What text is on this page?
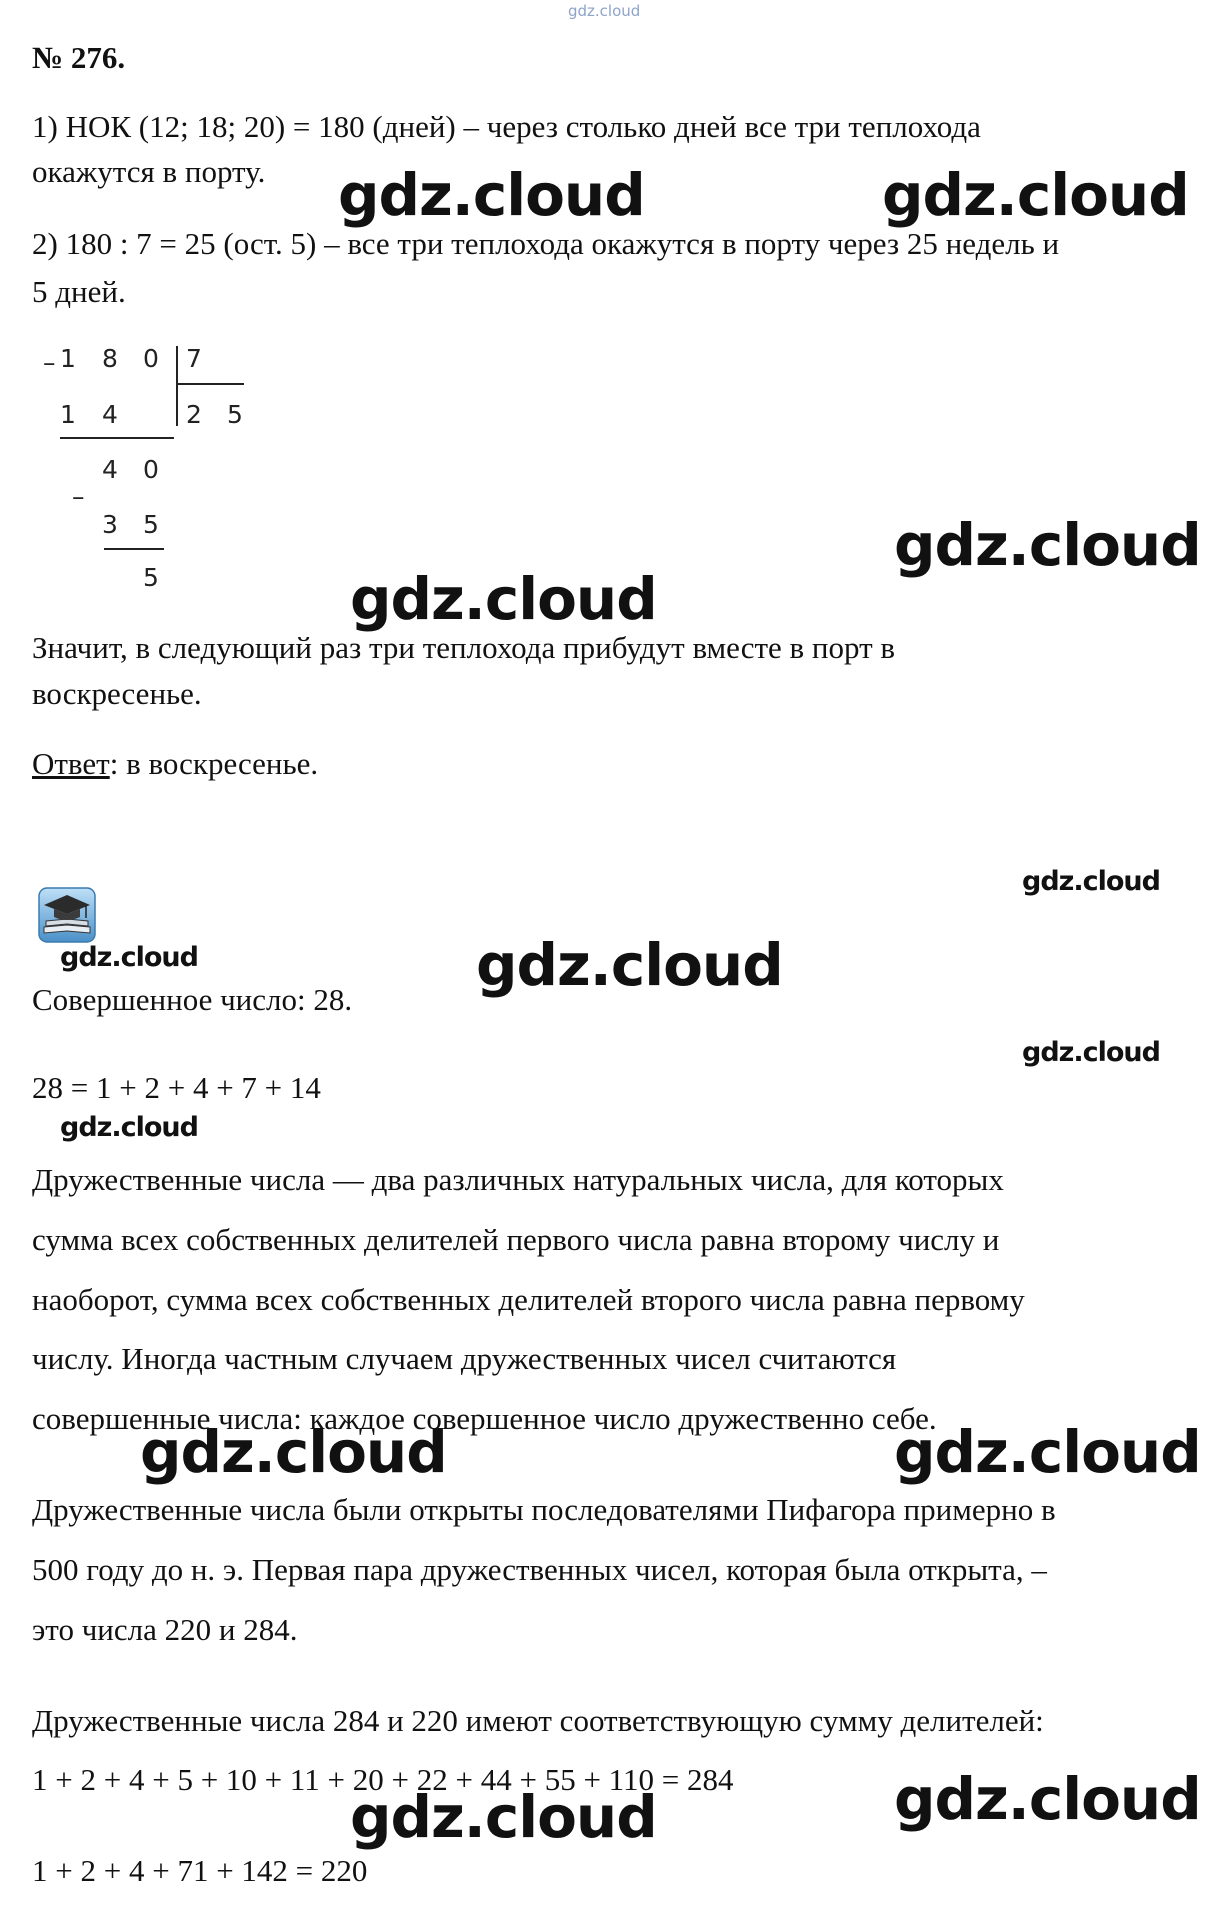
gdz.cloud
№ 276.
1) НОК (12; 18; 20) = 180 (дней) – через столько дней все три теплохода
окажутся в порту.
2) 180 : 7 = 25 (ост. 5) – все три теплохода окажутся в порту через 25 недель и
5 дней.
– 1 8 0 7
1 4	2 5
–
4 0
3 5
5
Значит, в следующий раз три теплохода прибудут вместе в порт в
воскресенье.
Ответ: в воскресенье.
Совершенное число: 28.
28 = 1 + 2 + 4 + 7 + 14
Дружественные числа — два различных натуральных числа, для которых
сумма всех собственных делителей первого числа равна второму числу и
наоборот, сумма всех собственных делителей второго числа равна первому
числу. Иногда частным случаем дружественных чисел считаются
совершенные числа: каждое совершенное число дружественно себе.
Дружественные числа были открыты последователями Пифагора примерно в
500 году до н. э. Первая пара дружественных чисел, которая была открыта, –
это числа 220 и 284.
Дружественные числа 284 и 220 имеют соответствующую сумму делителей:
1 + 2 + 4 + 5 + 10 + 11 + 20 + 22 + 44 + 55 + 110 = 284
1 + 2 + 4 + 71 + 142 = 220
gdz.cloud	gdz.cloud
gdz.cloud
gdz.cloud
gdz.cloud
gdz.cloud	gdz.cloud
gdz.cloud
gdz.cloud
gdz.cloud	gdz.cloud
gdz.cloud	gdz.cloud
